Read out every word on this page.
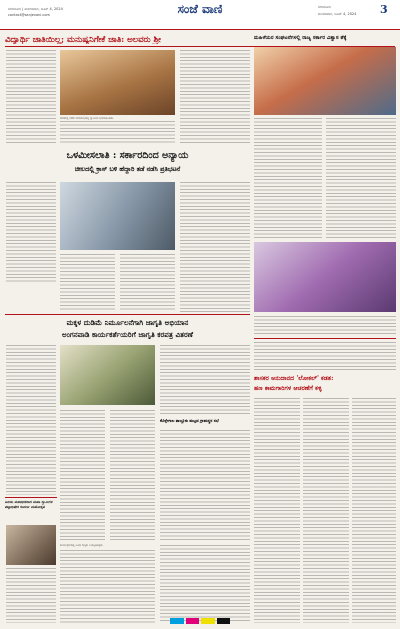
ಬೆಂಗಳೂರು | ಮಂಗಳವಾರ, ಜೂನ್ 4, 2024
contact@sanjevani.com	ಸಂಜೆ ವಾಣಿ	ಬೆಂಗಳೂರು
ಮಂಗಳವಾರ, ಜೂನ್ 4, 2024 3
ವಿದ್ಯಾರ್ಥಿ ಜಾತಿಯಿಲ್ಲ; ಮನುಷ್ಯನಿಗೇಕೆ ಜಾತಿ: ಅಲವರು ಶ್ರೀ	ಮಹಿಳೆಯರ ಸಂಘಟನೆಗಳಲ್ಲಿ ರಾಜ್ಯ ಸರ್ಕಾರ ವಿಶ್ವಾಸ ತೆಕ್ಕೆ
ನಗರದಲ್ಲಿ ನಡೆದ ಸಮಾರಂಭದಲ್ಲಿ ಸ್ವಾಮೀಜಿ ಭಾಗವಹಿಸಿದರು.
ಒಳಮೀಸಲಾತಿ : ಸರ್ಕಾರದಿಂದ ಅನ್ಯಾಯ
ಚೀಲದಲ್ಲಿ ಕ್ರಾಸ್ ಬಳಿ ಹೆದ್ದಾರಿ ತಡೆ ನಡೆಸಿ ಪ್ರತಿಭಟನೆ
ಮಕ್ಕಳ ದುಡಿಮೆ ನಿರ್ಮೂಲನೆಗಾಗಿ ಜಾಗೃತಿ ಅಭಿಯಾನ
ಅಂಗನವಾಡಿ ಕಾರ್ಯಕರ್ತೆಯರಿಗೆ ಜಾಗೃತಿ ಕರಪತ್ರ ವಿತರಣೆ
ಕೊಳ್ಳೇಗಾಲ ತಾಲ್ಲೂಕು ಮಟ್ಟದ ಗ್ರಾಮಸ್ಥರ ಸಭೆ
ಶಾಸಕರ ಅನುದಾನದ 'ಲೋಕಲ್' ಕಡತ:
ಹಣ ಕಾಮಗಾರಿಗಳ ಆಚರಣೆಗೆ ಕಳ್ಳಿ
ಹಿರಿಯ ಮಠಾಧೀಶರಾದ ಮಹಾ ಸ್ವಾಮಿಗಳ ಪಟ್ಟಾಭಿಷೇಕ ಸುವರ್ಣ ಮಹೋತ್ಸವ
ಕಾರ್ಯಕ್ರಮದಲ್ಲಿ ವಿವಿಧ ಗಣ್ಯರು ಉಪಸ್ಥಿತರಿದ್ದರು.
